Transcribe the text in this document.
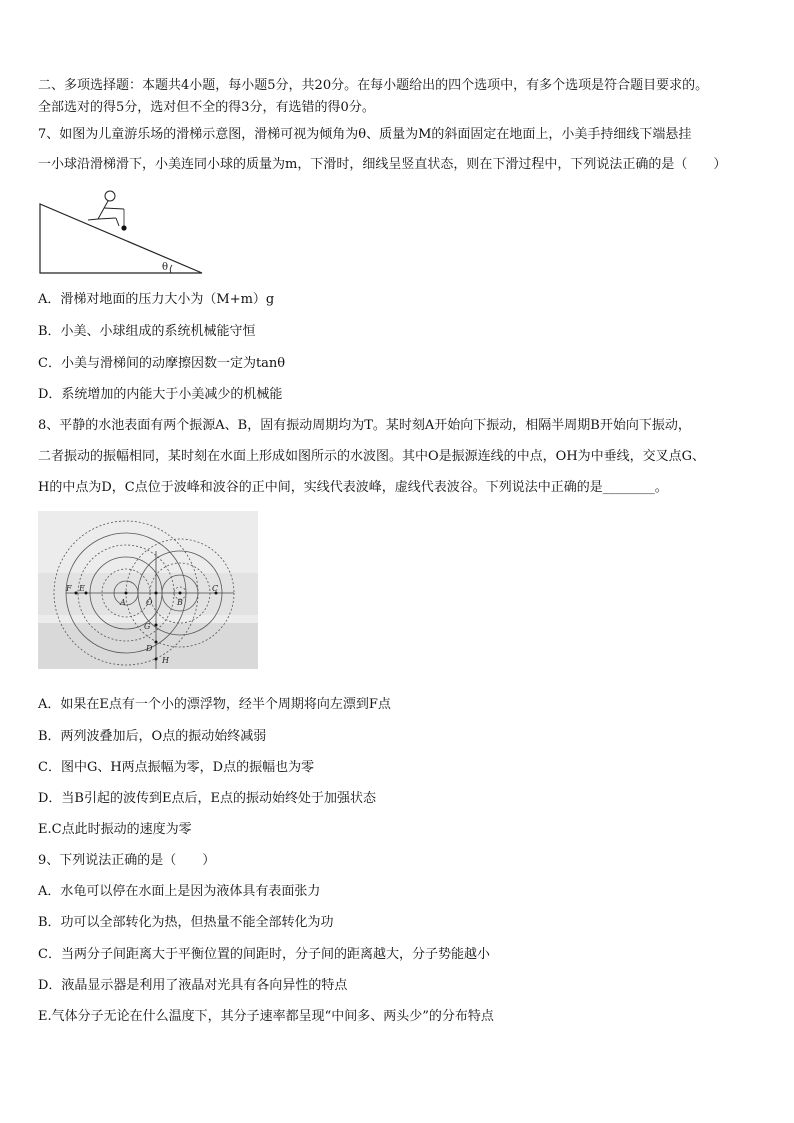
二、多项选择题：本题共4小题，每小题5分，共20分。在每小题给出的四个选项中，有多个选项是符合题目要求的。
全部选对的得5分，选对但不全的得3分，有选错的得0分。
7、如图为儿童游乐场的滑梯示意图，滑梯可视为倾角为θ、质量为M的斜面固定在地面上，小美手持细线下端悬挂
一小球沿滑梯滑下，小美连同小球的质量为m，下滑时，细线呈竖直状态，则在下滑过程中，下列说法正确的是（　　）
θ
A．滑梯对地面的压力大小为（M+m）g
B．小美、小球组成的系统机械能守恒
C．小美与滑梯间的动摩擦因数一定为tanθ
D．系统增加的内能大于小美减少的机械能
8、平静的水池表面有两个振源A、B，固有振动周期均为T。某时刻A开始向下振动，相隔半周期B开始向下振动，
二者振动的振幅相同，某时刻在水面上形成如图所示的水波图。其中O是振源连线的中点，OH为中垂线，交叉点G、
H的中点为D，C点位于波峰和波谷的正中间，实线代表波峰，虚线代表波谷。下列说法中正确的是________。
F E
A	O	B
C
G
D
H
A．如果在E点有一个小的漂浮物，经半个周期将向左漂到F点
B．两列波叠加后，O点的振动始终减弱
C．图中G、H两点振幅为零，D点的振幅也为零
D．当B引起的波传到E点后，E点的振动始终处于加强状态
E.C点此时振动的速度为零
9、下列说法正确的是（　　）
A．水龟可以停在水面上是因为液体具有表面张力
B．功可以全部转化为热，但热量不能全部转化为功
C．当两分子间距离大于平衡位置的间距时，分子间的距离越大，分子势能越小
D．液晶显示器是利用了液晶对光具有各向异性的特点
E.气体分子无论在什么温度下，其分子速率都呈现“中间多、两头少”的分布特点
